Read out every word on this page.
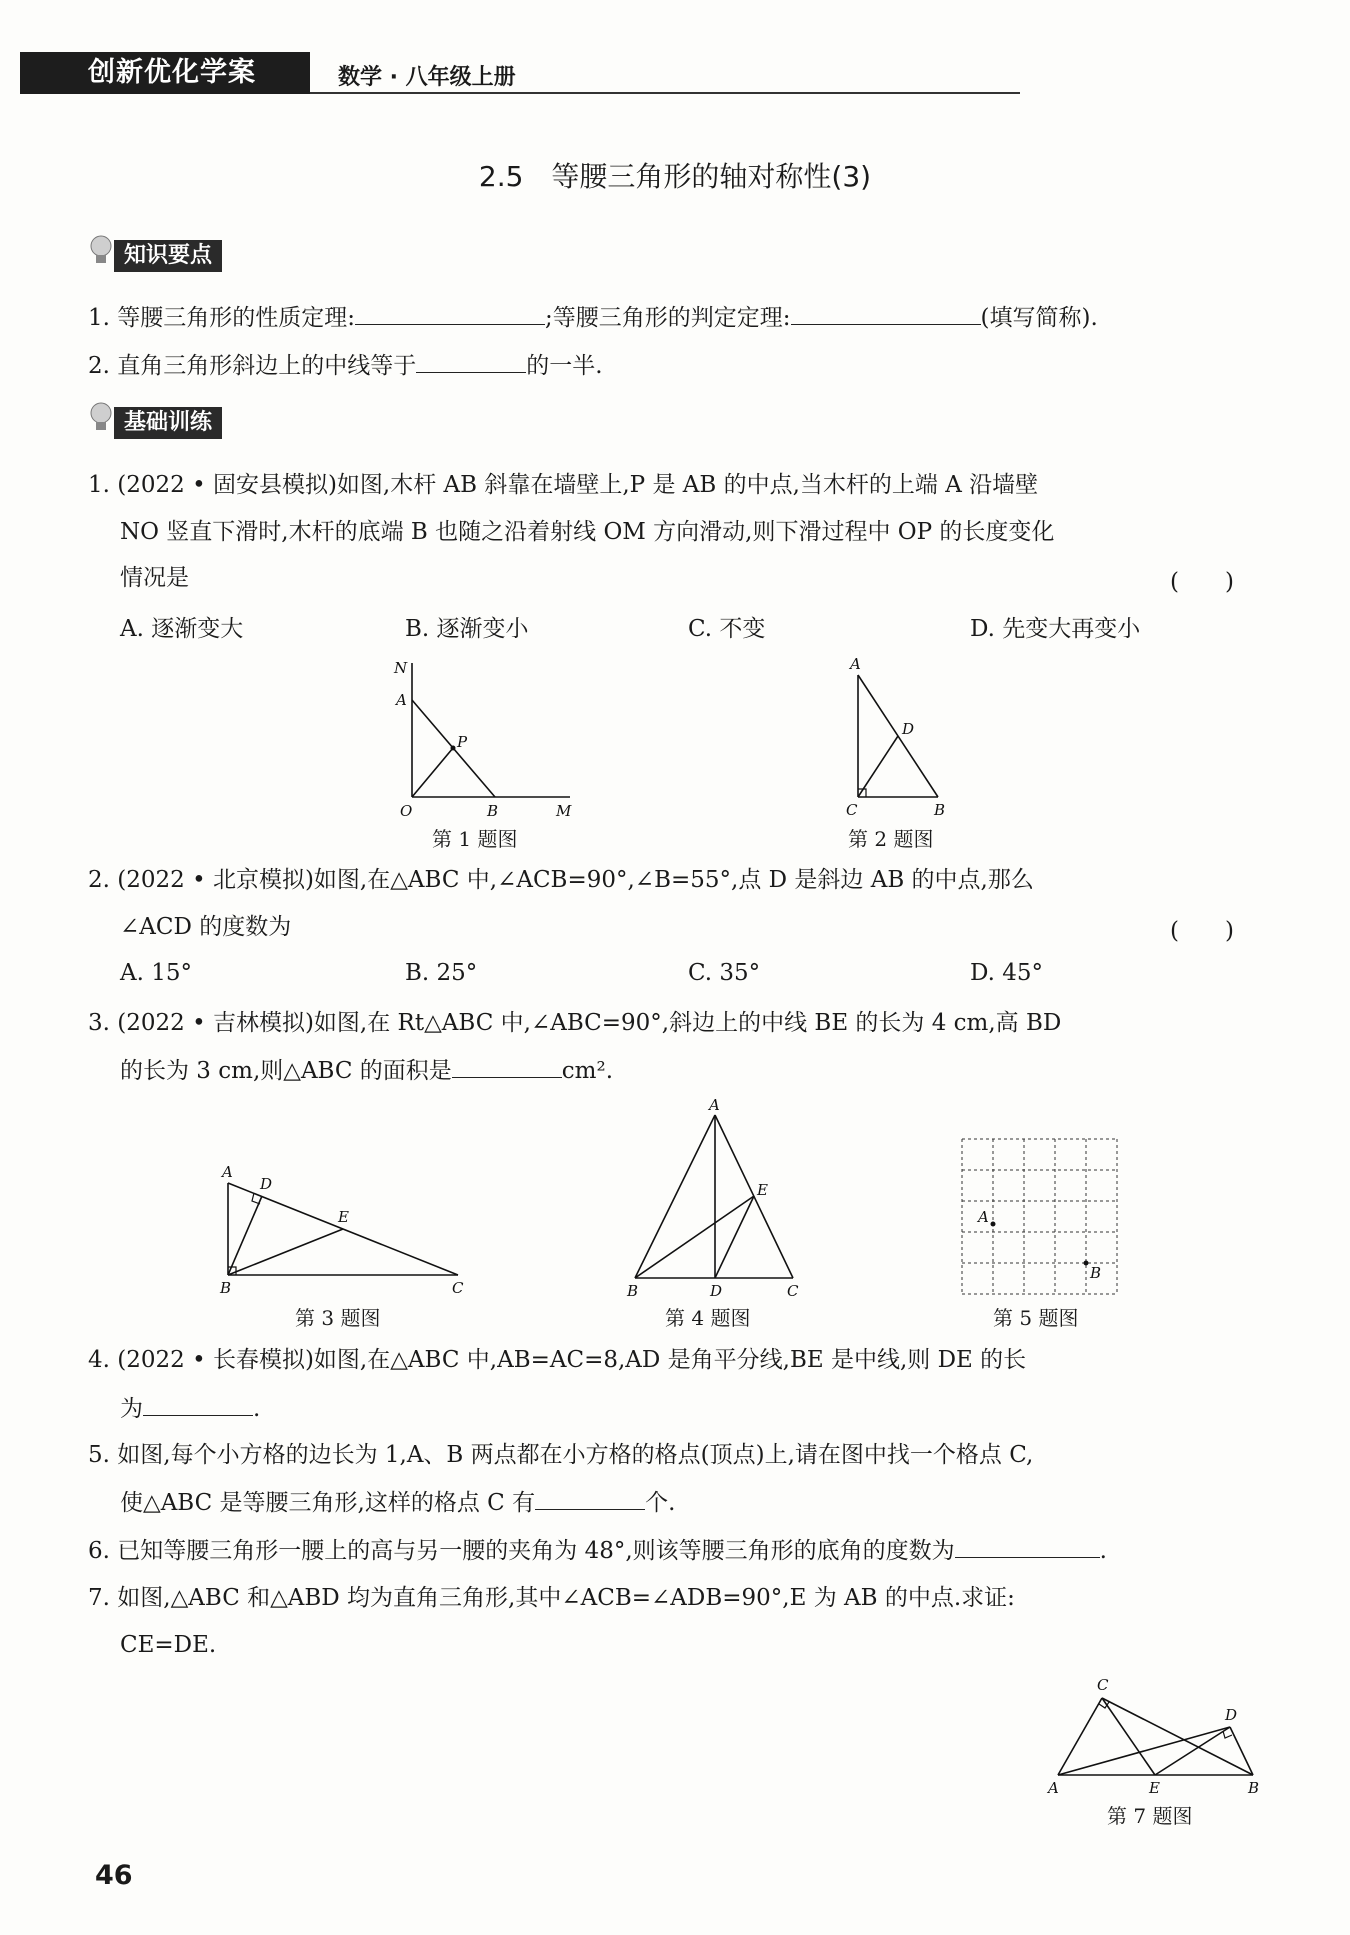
创新优化学案	数学 · 八年级上册
2.5　等腰三角形的轴对称性(3)
知识要点
1. 等腰三角形的性质定理:	;等腰三角形的判定定理:	(填写简称).
2. 直角三角形斜边上的中线等于	的一半.
基础训练
1. (2022 • 固安县模拟)如图,木杆 AB 斜靠在墙壁上,P 是 AB 的中点,当木杆的上端 A 沿墙壁
NO 竖直下滑时,木杆的底端 B 也随之沿着射线 OM 方向滑动,则下滑过程中 OP 的长度变化
情况是	(　　)
A. 逐渐变大	B. 逐渐变小	C. 不变	D. 先变大再变小
N
A
P
O	B	M
第 1 题图
A
D
C	B
第 2 题图
2. (2022 • 北京模拟)如图,在△ABC 中,∠ACB=90°,∠B=55°,点 D 是斜边 AB 的中点,那么
∠ACD 的度数为	(　　)
A. 15°	B. 25°	C. 35°	D. 45°
3. (2022 • 吉林模拟)如图,在 Rt△ABC 中,∠ABC=90°,斜边上的中线 BE 的长为 4 cm,高 BD
的长为 3 cm,则△ABC 的面积是	cm².
A
D
E
B	C
第 3 题图
A
E
B	D	C
第 4 题图
A
B
第 5 题图
4. (2022 • 长春模拟)如图,在△ABC 中,AB=AC=8,AD 是角平分线,BE 是中线,则 DE 的长
为	.
5. 如图,每个小方格的边长为 1,A、B 两点都在小方格的格点(顶点)上,请在图中找一个格点 C,
使△ABC 是等腰三角形,这样的格点 C 有	个.
6. 已知等腰三角形一腰上的高与另一腰的夹角为 48°,则该等腰三角形的底角的度数为	.
7. 如图,△ABC 和△ABD 均为直角三角形,其中∠ACB=∠ADB=90°,E 为 AB 的中点.求证:
CE=DE.
C
D
A	E	B
第 7 题图
46
